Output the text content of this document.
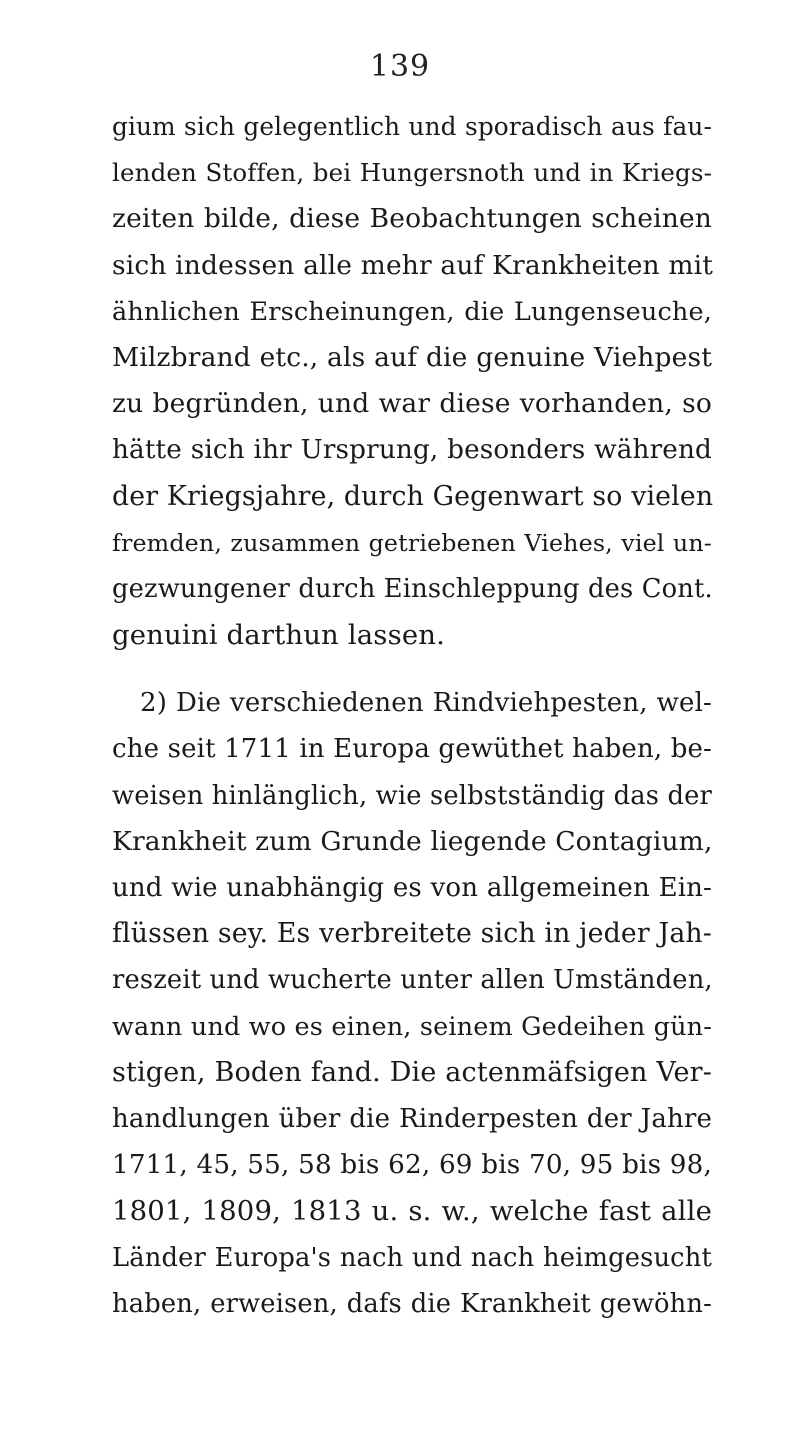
139
gium sich gelegentlich und sporadisch aus fau-
lenden Stoffen, bei Hungersnoth und in Kriegs-
zeiten bilde, diese Beobachtungen scheinen
sich indessen alle mehr auf Krankheiten mit
ähnlichen Erscheinungen, die Lungenseuche,
Milzbrand etc., als auf die genuine Viehpest
zu begründen, und war diese vorhanden, so
hätte sich ihr Ursprung, besonders während
der Kriegsjahre, durch Gegenwart so vielen
fremden, zusammen getriebenen Viehes, viel un-
gezwungener durch Einschleppung des Cont.
genuini darthun lassen.
2) Die verschiedenen Rindviehpesten, wel-
che seit 1711 in Europa gewüthet haben, be-
weisen hinlänglich, wie selbstständig das der
Krankheit zum Grunde liegende Contagium,
und wie unabhängig es von allgemeinen Ein-
flüssen sey. Es verbreitete sich in jeder Jah-
reszeit und wucherte unter allen Umständen,
wann und wo es einen, seinem Gedeihen gün-
stigen, Boden fand. Die actenmäfsigen Ver-
handlungen über die Rinderpesten der Jahre
1711, 45, 55, 58 bis 62, 69 bis 70, 95 bis 98,
1801, 1809, 1813 u. s. w., welche fast alle
Länder Europa's nach und nach heimgesucht
haben, erweisen, dafs die Krankheit gewöhn-
